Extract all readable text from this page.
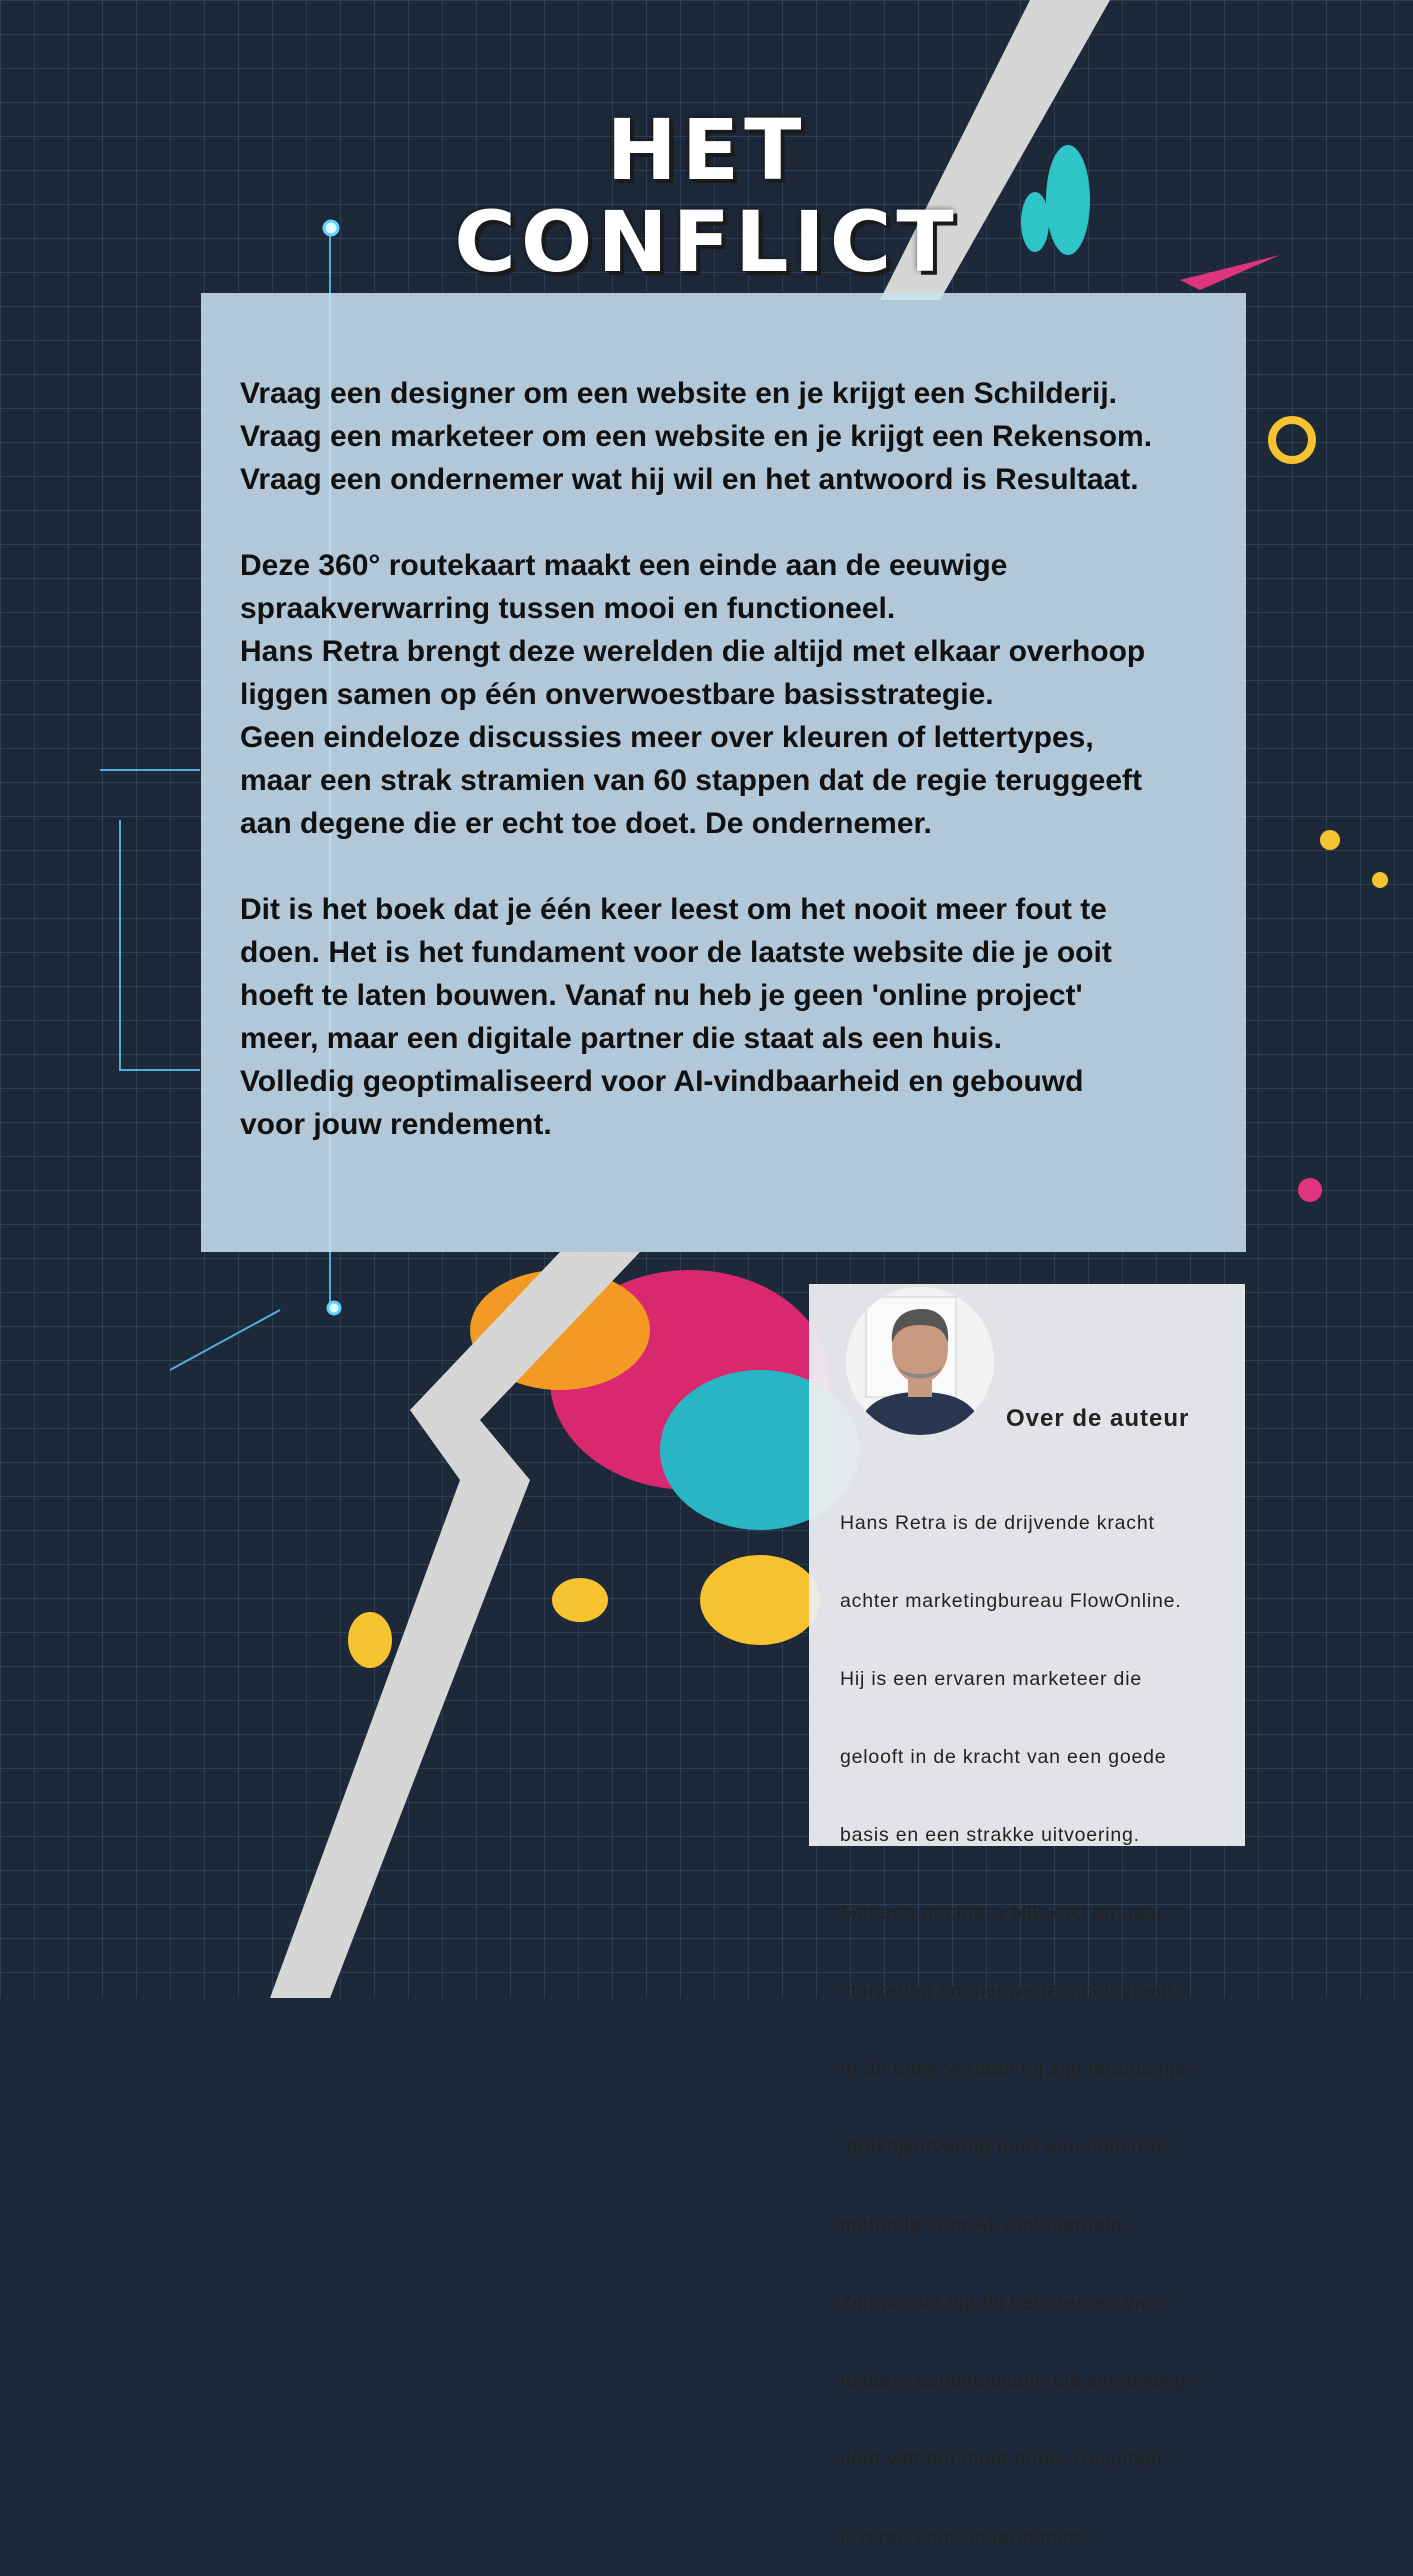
HET
CONFLICT
Vraag een designer om een website en je krijgt een Schilderij.
Vraag een marketeer om een website en je krijgt een Rekensom.
Vraag een ondernemer wat hij wil en het antwoord is Resultaat.
Deze 360° routekaart maakt een einde aan de eeuwige
spraakverwarring tussen mooi en functioneel.
Hans Retra brengt deze werelden die altijd met elkaar overhoop
liggen samen op één onverwoestbare basisstrategie.
Geen eindeloze discussies meer over kleuren of lettertypes,
maar een strak stramien van 60 stappen dat de regie teruggeeft
aan degene die er echt toe doet. De ondernemer.
Dit is het boek dat je één keer leest om het nooit meer fout te
doen. Het is het fundament voor de laatste website die je ooit
hoeft te laten bouwen. Vanaf nu heb je geen 'online project'
meer, maar een digitale partner die staat als een huis.
Volledig geoptimaliseerd voor AI-vindbaarheid en gebouwd
voor jouw rendement.
Over de auteur

Hans Retra is de drijvende kracht

achter marketingbureau FlowOnline.

Hij is een ervaren marketeer die

gelooft in de kracht van een goede

basis en een strakke uitvoering.

Met een nuchtere blik kijkt hij naar

marketing en nieuwe technologieën.

In dit boek vertaalt hij zijn jarenlange

praktijkervaring naar een concrete

methode voor AI-vindbaarheid.

Zijn passie ligt bij het creëren van

heldere communicatie die simpelweg

doet wat het moet doen. Resultaat

leveren voor ondernemers.
